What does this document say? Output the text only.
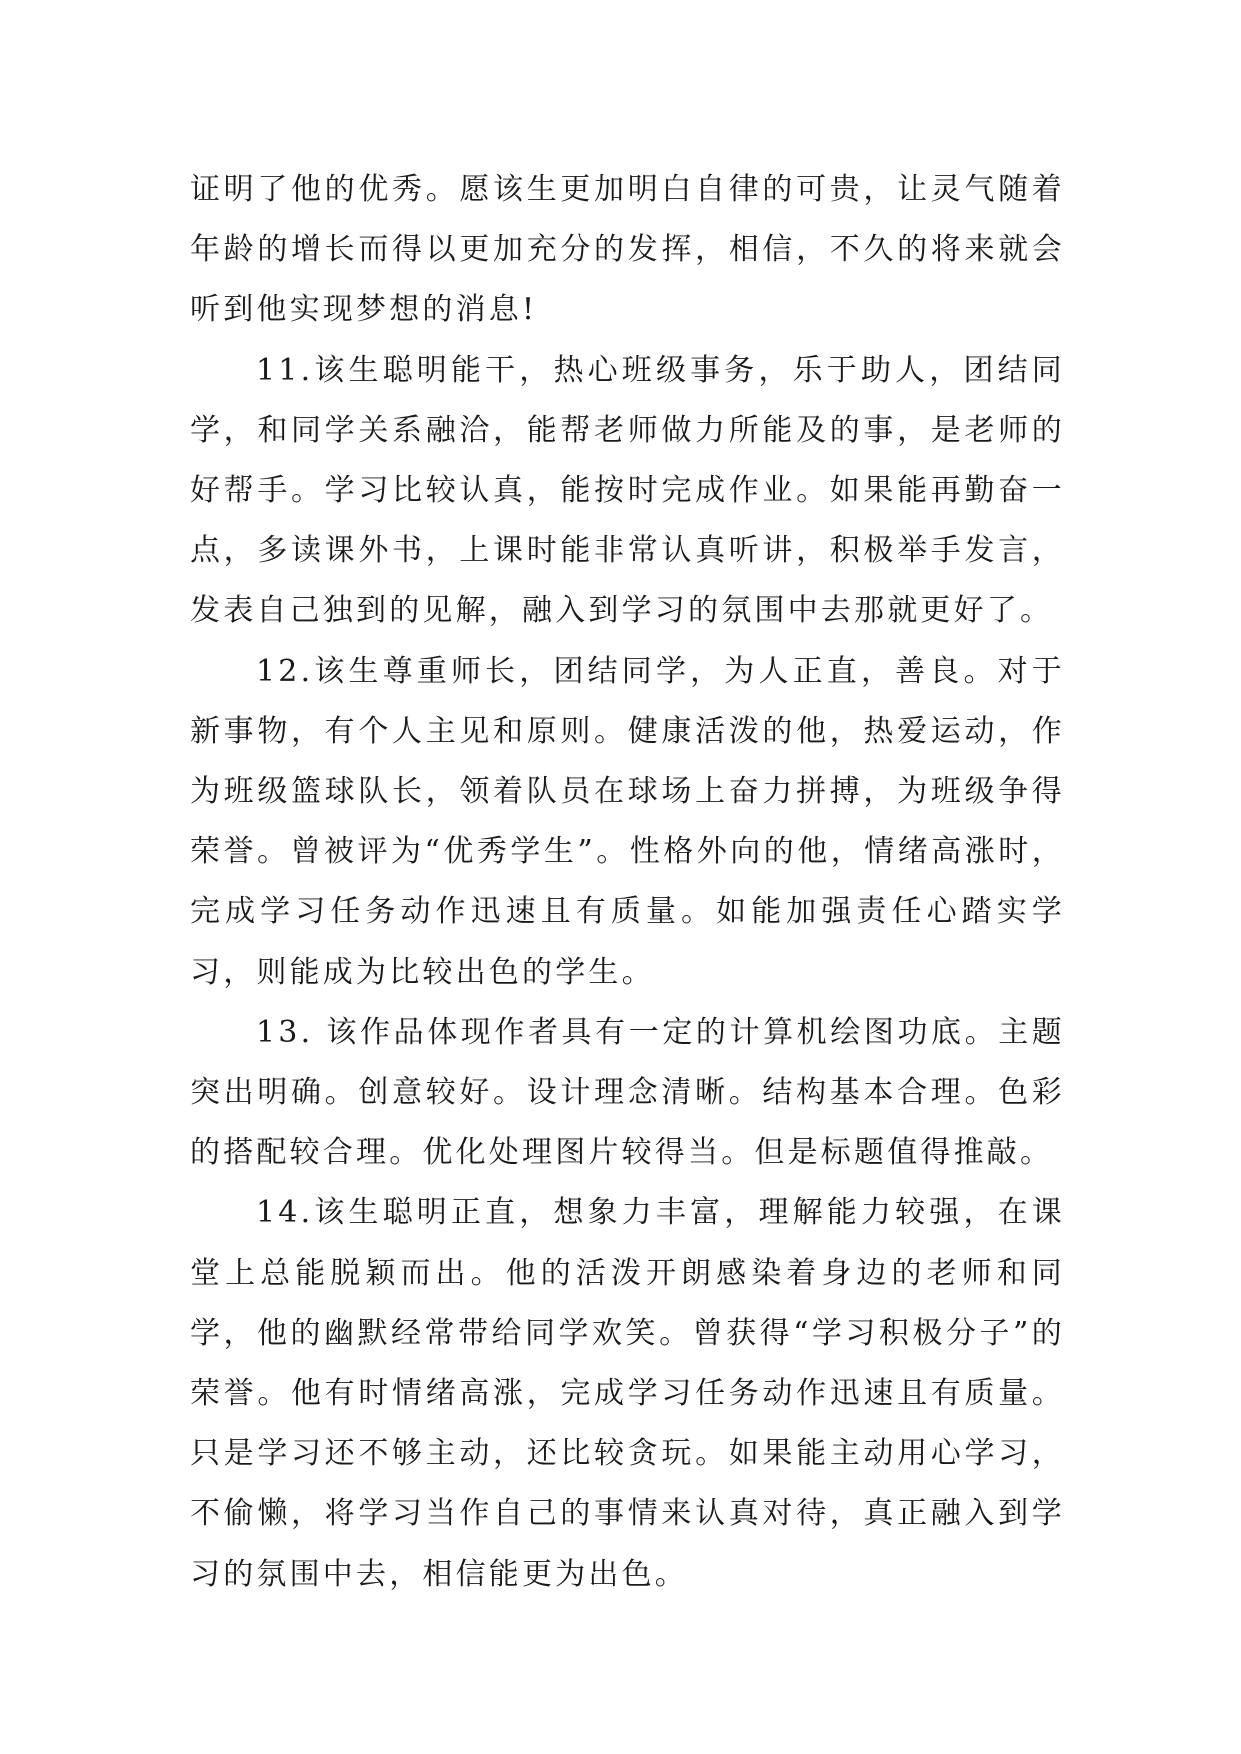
证明了他的优秀。愿该生更加明白自律的可贵，让灵气随着年龄的增长而得以更加充分的发挥，相信，不久的将来就会听到他实现梦想的消息!

11.该生聪明能干，热心班级事务，乐于助人，团结同学，和同学关系融洽，能帮老师做力所能及的事，是老师的好帮手。学习比较认真，能按时完成作业。如果能再勤奋一点，多读课外书，上课时能非常认真听讲，积极举手发言，发表自己独到的见解，融入到学习的氛围中去那就更好了。

12.该生尊重师长，团结同学，为人正直，善良。对于新事物，有个人主见和原则。健康活泼的他，热爱运动，作为班级篮球队长，领着队员在球场上奋力拼搏，为班级争得荣誉。曾被评为“优秀学生”。性格外向的他，情绪高涨时，完成学习任务动作迅速且有质量。如能加强责任心踏实学习，则能成为比较出色的学生。

13. 该作品体现作者具有一定的计算机绘图功底。主题突出明确。创意较好。设计理念清晰。结构基本合理。色彩的搭配较合理。优化处理图片较得当。但是标题值得推敲。

14.该生聪明正直，想象力丰富，理解能力较强，在课堂上总能脱颖而出。他的活泼开朗感染着身边的老师和同学，他的幽默经常带给同学欢笑。曾获得“学习积极分子”的荣誉。他有时情绪高涨，完成学习任务动作迅速且有质量。只是学习还不够主动，还比较贪玩。如果能主动用心学习，不偷懒，将学习当作自己的事情来认真对待，真正融入到学习的氛围中去，相信能更为出色。
